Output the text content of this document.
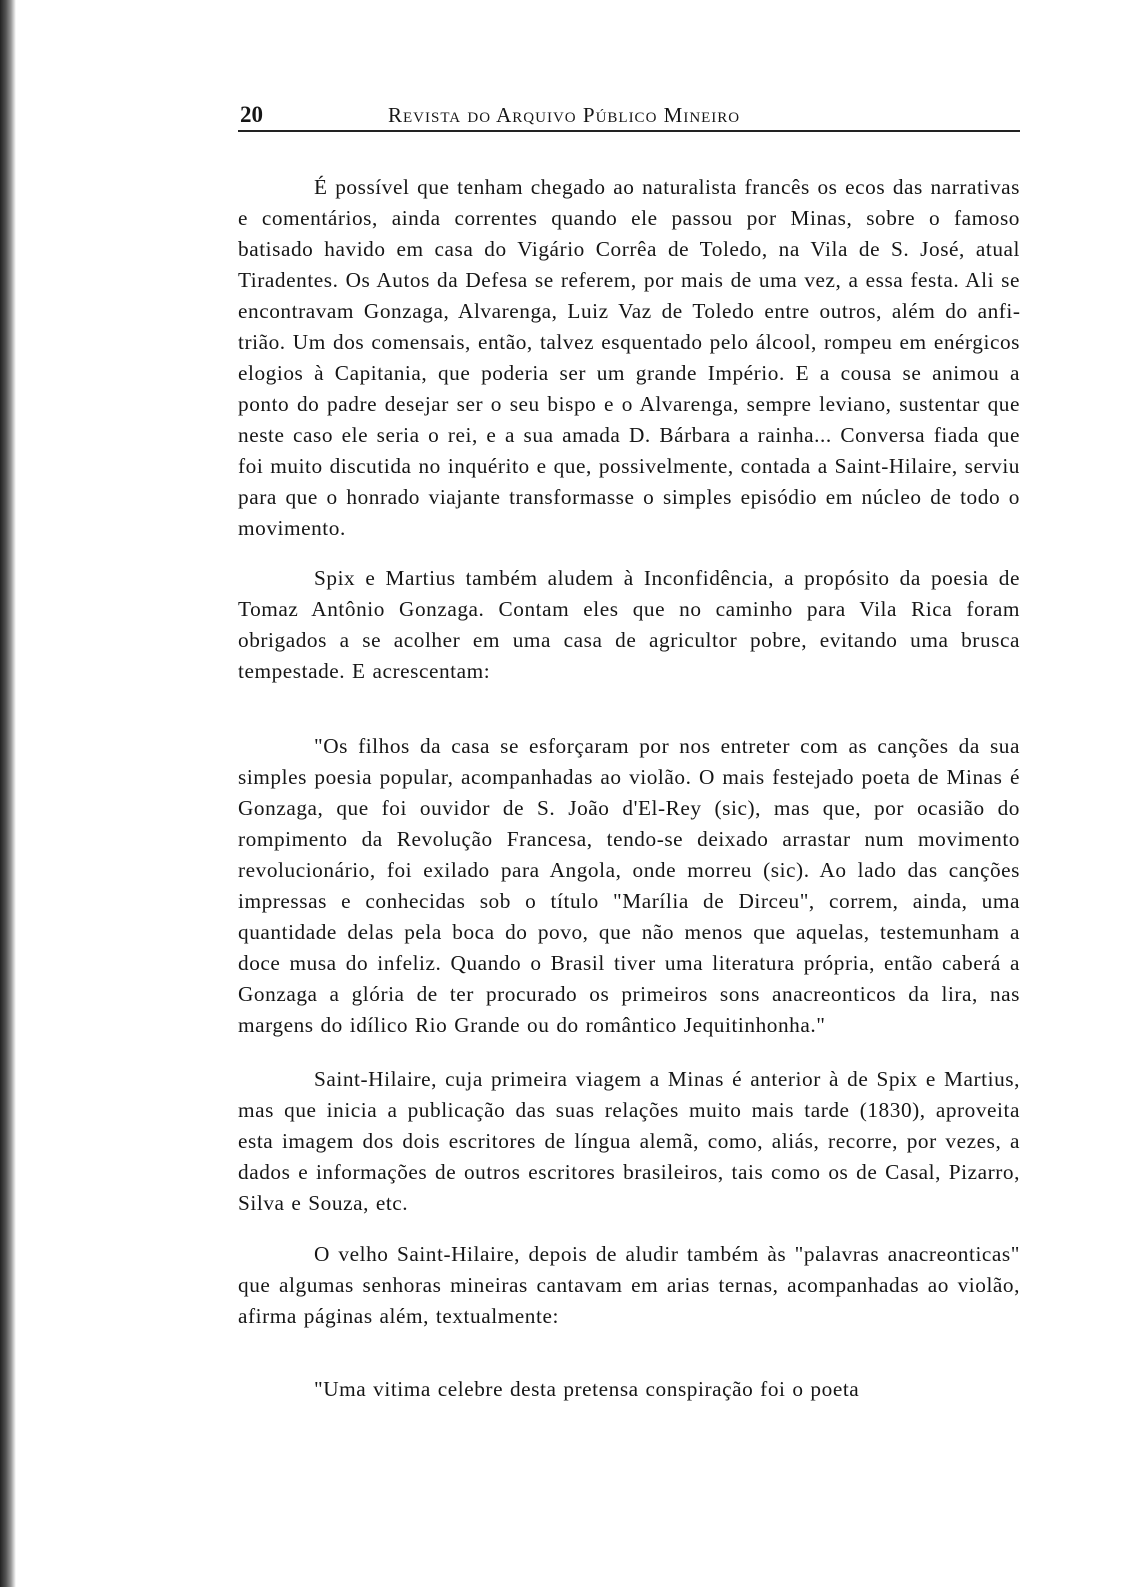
20	Revista do Arquivo Público Mineiro

É possível que tenham chegado ao naturalista francês os ecos das narrativas e comentários, ainda correntes quando ele passou por Minas, sobre o famoso batisado havido em casa do Vigário Corrêa de Toledo, na Vila de S. José, atual Tiradentes. Os Autos da Defesa se referem, por mais de uma vez, a essa festa. Ali se encontravam Gonzaga, Alvarenga, Luiz Vaz de Toledo entre outros, além do anfitrião. Um dos comensais, então, talvez esquentado pelo álcool, rompeu em enérgicos elogios à Capitania, que poderia ser um grande Império. E a cousa se animou a ponto do padre desejar ser o seu bispo e o Alvarenga, sempre leviano, sustentar que neste caso ele seria o rei, e a sua amada D. Bárbara a rainha... Conversa fiada que foi muito discutida no inquérito e que, possivelmente, contada a Saint-Hilaire, serviu para que o honrado viajante transformasse o simples episódio em núcleo de todo o movimento.

Spix e Martius também aludem à Inconfidência, a propósito da poesia de Tomaz Antônio Gonzaga. Contam eles que no caminho para Vila Rica foram obrigados a se acolher em uma casa de agricultor pobre, evitando uma brusca tempestade. E acrescentam:

"Os filhos da casa se esforçaram por nos entreter com as canções da sua simples poesia popular, acompanhadas ao violão. O mais festejado poeta de Minas é Gonzaga, que foi ouvidor de S. João d'El-Rey (sic), mas que, por ocasião do rompimento da Revolução Francesa, tendo-se deixado arrastar num movimento revolucionário, foi exilado para Angola, onde morreu (sic). Ao lado das canções impressas e conhecidas sob o título "Marília de Dirceu", correm, ainda, uma quantidade delas pela boca do povo, que não menos que aquelas, testemunham a doce musa do infeliz. Quando o Brasil tiver uma literatura própria, então caberá a Gonzaga a glória de ter procurado os primeiros sons anacreonticos da lira, nas margens do idílico Rio Grande ou do romântico Jequitinhonha."

Saint-Hilaire, cuja primeira viagem a Minas é anterior à de Spix e Martius, mas que inicia a publicação das suas relações muito mais tarde (1830), aproveita esta imagem dos dois escritores de língua alemã, como, aliás, recorre, por vezes, a dados e informações de outros escritores brasileiros, tais como os de Casal, Pizarro, Silva e Souza, etc.

O velho Saint-Hilaire, depois de aludir também às "palavras anacreonticas" que algumas senhoras mineiras cantavam em arias ternas, acompanhadas ao violão, afirma páginas além, textualmente:

"Uma vitima celebre desta pretensa conspiração foi o poeta
